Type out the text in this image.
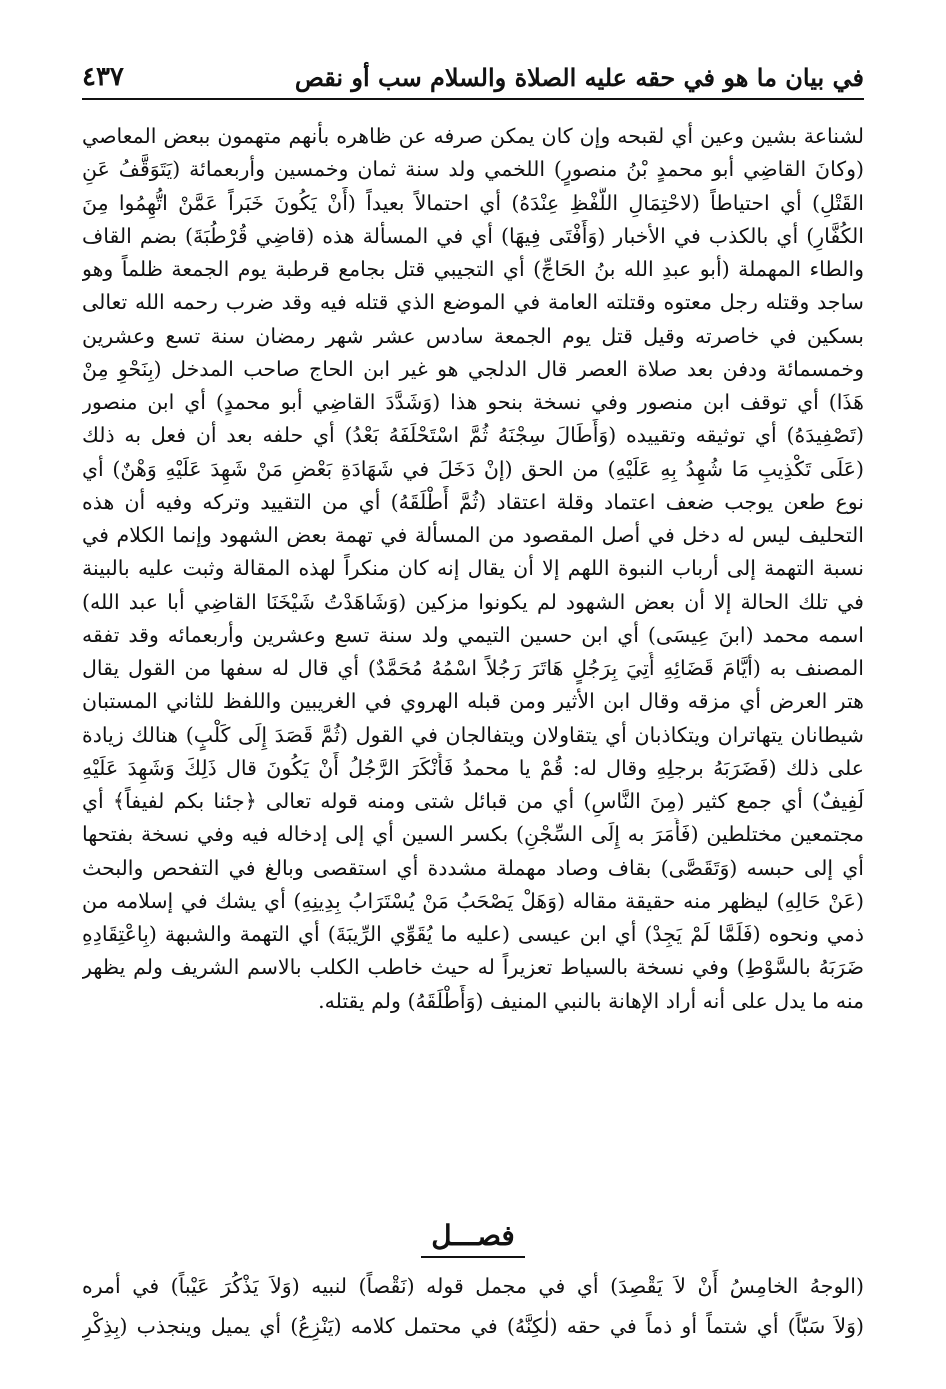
في بيان ما هو في حقه عليه الصلاة والسلام سب أو نقص
٤٣٧
لشناعة بشين وعين أي لقبحه وإن كان يمكن صرفه عن ظاهره بأنهم متهمون ببعض المعاصي
(وكانَ القاضِي أبو محمدٍ بْنُ منصورٍ) اللخمي ولد سنة ثمان وخمسين وأربعمائة (يَتَوَقَّفُ عَنِ
القَتْلِ) أي احتياطاً (لاحْتِمَالِ اللَّفْظِ عِنْدَهُ) أي احتمالاً بعيداً (أَنْ يَكُونَ خَبَراً عَمَّنْ اتُّهِمُوا مِنَ
الكُفَّارِ) أي بالكذب في الأخبار (وَأَفْتَى فِيهَا) أي في المسألة هذه (قاضِي قُرْطُبَةَ) بضم القاف
والطاء المهملة (أبو عبدِ الله بنُ الحَاجِّ) أي التجيبي قتل بجامع قرطبة يوم الجمعة ظلماً وهو
ساجد وقتله رجل معتوه وقتلته العامة في الموضع الذي قتله فيه وقد ضرب رحمه الله تعالى
بسكين في خاصرته وقيل قتل يوم الجمعة سادس عشر شهر رمضان سنة تسع وعشرين
وخمسمائة ودفن بعد صلاة العصر قال الدلجي هو غير ابن الحاج صاحب المدخل (بِنَحْوِ مِنْ
هَذَا) أي توقف ابن منصور وفي نسخة بنحو هذا (وَشَدَّدَ القاضِي أبو محمدٍ) أي ابن منصور
(تَصْفِيدَهُ) أي توثيقه وتقييده (وَأَطَالَ سِجْنَهُ ثُمَّ اسْتَحْلَفَهُ بَعْدُ) أي حلفه بعد أن فعل به ذلك
(عَلَى تَكْذِيبِ مَا شُهِدُ بِهِ عَلَيْهِ) من الحق (إنْ دَخَلَ في شَهَادَةِ بَعْضِ مَنْ شَهِدَ عَلَيْهِ وَهْنٌ) أي
نوع طعن يوجب ضعف اعتماد وقلة اعتقاد (ثُمَّ أَطْلَقَهُ) أي من التقييد وتركه وفيه أن هذه
التحليف ليس له دخل في أصل المقصود من المسألة في تهمة بعض الشهود وإنما الكلام في
نسبة التهمة إلى أرباب النبوة اللهم إلا أن يقال إنه كان منكراً لهذه المقالة وثبت عليه بالبينة
في تلك الحالة إلا أن بعض الشهود لم يكونوا مزكين (وَشَاهَدْتُ شَيْخَنَا القاضِي أبا عبد الله)
اسمه محمد (ابنَ عِيسَى) أي ابن حسين التيمي ولد سنة تسع وعشرين وأربعمائه وقد تفقه
المصنف به (أيَّامَ قَضَائِهِ أُتِيَ بِرَجُلٍ هَاتَرَ رَجُلاً اسْمُهُ مُحَمَّدٌ) أي قال له سفها من القول يقال
هتر العرض أي مزقه وقال ابن الأثير ومن قبله الهروي في الغريبين واللفظ للثاني المستبان
شيطانان يتهاتران ويتكاذبان أي يتقاولان ويتفالجان في القول (ثُمَّ قَصَدَ إِلَى كَلْبٍ) هنالك زيادة
على ذلك (فَضَرَبَهُ برجلِهِ وقال له: قُمْ يا محمدُ فَأَنْكَرَ الرَّجُلُ أَنْ يَكُونَ قال ذَلِكَ وَشَهِدَ عَلَيْهِ
لَفِيفٌ) أي جمع كثير (مِنَ النَّاسِ) أي من قبائل شتى ومنه قوله تعالى ﴿جئنا بكم لفيفاً﴾ أي
مجتمعين مختلطين (فَأَمَرَ به إِلَى السِّجْنِ) بكسر السين أي إلى إدخاله فيه وفي نسخة بفتحها
أي إلى حبسه (وَتَقَصَّى) بقاف وصاد مهملة مشددة أي استقصى وبالغ في التفحص والبحث
(عَنْ حَالِهِ) ليظهر منه حقيقة مقاله (وَهَلْ يَصْحَبُ مَنْ يُسْتَرَابُ بِدِينِهِ) أي يشك في إسلامه من
ذمي ونحوه (فَلَمَّا لَمْ يَجِدْ) أي ابن عيسى (عليه ما يُقَوِّي الرِّيبَةَ) أي التهمة والشبهة (بِاعْتِقَادِهِ
ضَرَبَهُ بالسَّوْطِ) وفي نسخة بالسياط تعزيراً له حيث خاطب الكلب بالاسم الشريف ولم يظهر
منه ما يدل على أنه أراد الإهانة بالنبي المنيف (وَأَطْلَقَهُ) ولم يقتله.
فصـــل
(الوجهُ الخامِسُ أَنْ لاَ يَقْصِدَ) أي في مجمل قوله (نَقْصاً) لنبيه (وَلاَ يَذْكُرَ عَيْباً) في أمره
(وَلاَ سَبّاً) أي شتماً أو ذماً في حقه (لٰكِنَّهُ) في محتمل كلامه (يَنْزِعُ) أي يميل وينجذب (بِذِكْرِ
